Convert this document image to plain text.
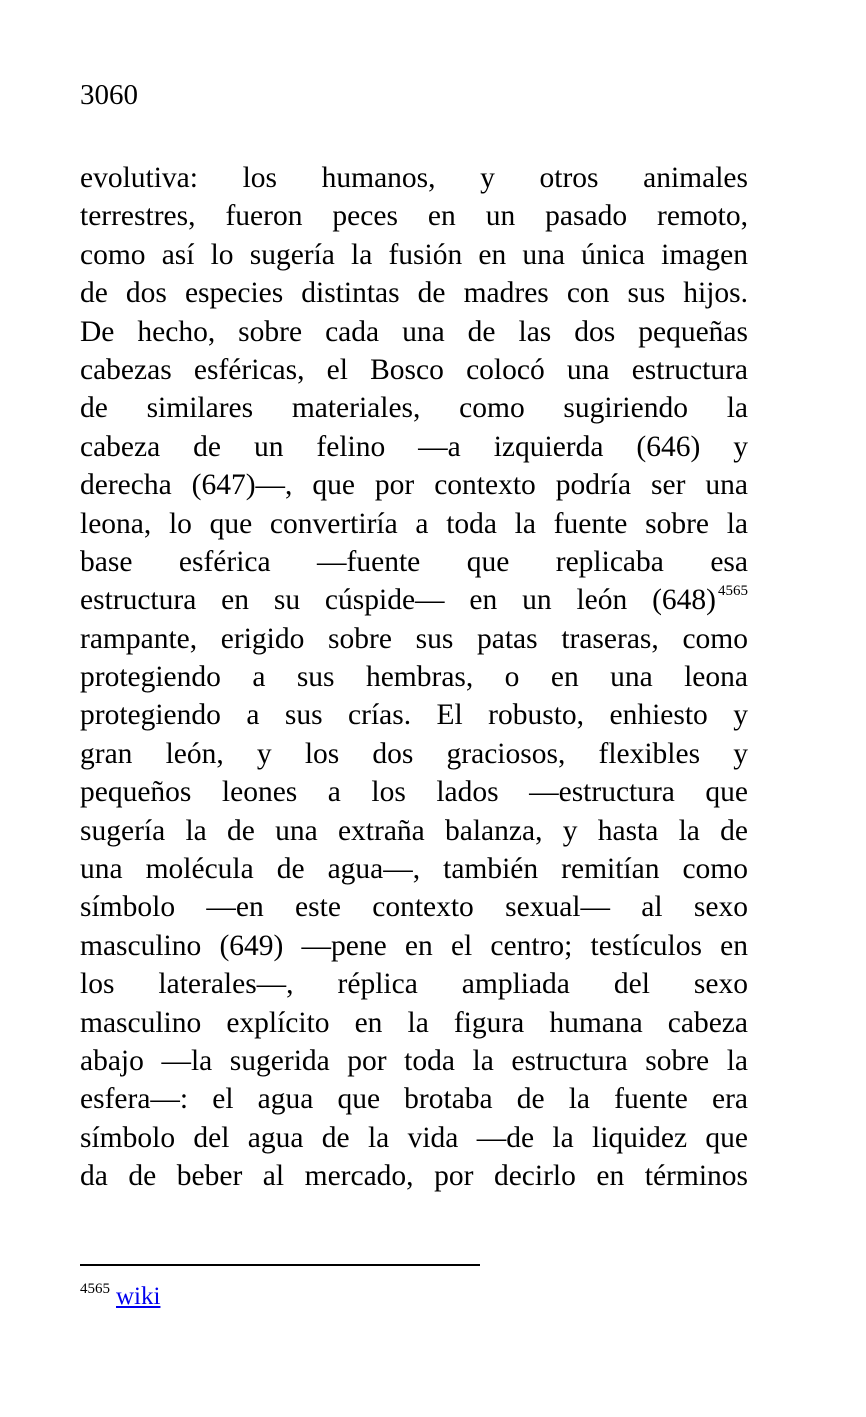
3060
evolutiva: los humanos, y otros animales
terrestres, fueron peces en un pasado remoto,
como así lo sugería la fusión en una única imagen
de dos especies distintas de madres con sus hijos.
De hecho, sobre cada una de las dos pequeñas
cabezas esféricas, el Bosco colocó una estructura
de similares materiales, como sugiriendo la
cabeza de un felino —a izquierda (646) y
derecha (647)—, que por contexto podría ser una
leona, lo que convertiría a toda la fuente sobre la
base esférica —fuente que replicaba esa
estructura en su cúspide— en un león (648) $^{4565}$
rampante, erigido sobre sus patas traseras, como
protegiendo a sus hembras, o en una leona
protegiendo a sus crías. El robusto, enhiesto y
gran león, y los dos graciosos, flexibles y
pequeños leones a los lados —estructura que
sugería la de una extraña balanza, y hasta la de
una molécula de agua—, también remitían como
símbolo —en este contexto sexual— al sexo
masculino (649) —pene en el centro; testículos en
los laterales—, réplica ampliada del sexo
masculino explícito en la figura humana cabeza
abajo —la sugerida por toda la estructura sobre la
esfera—: el agua que brotaba de la fuente era
símbolo del agua de la vida —de la liquidez que
da de beber al mercado, por decirlo en términos
$^{4565}$ wiki
